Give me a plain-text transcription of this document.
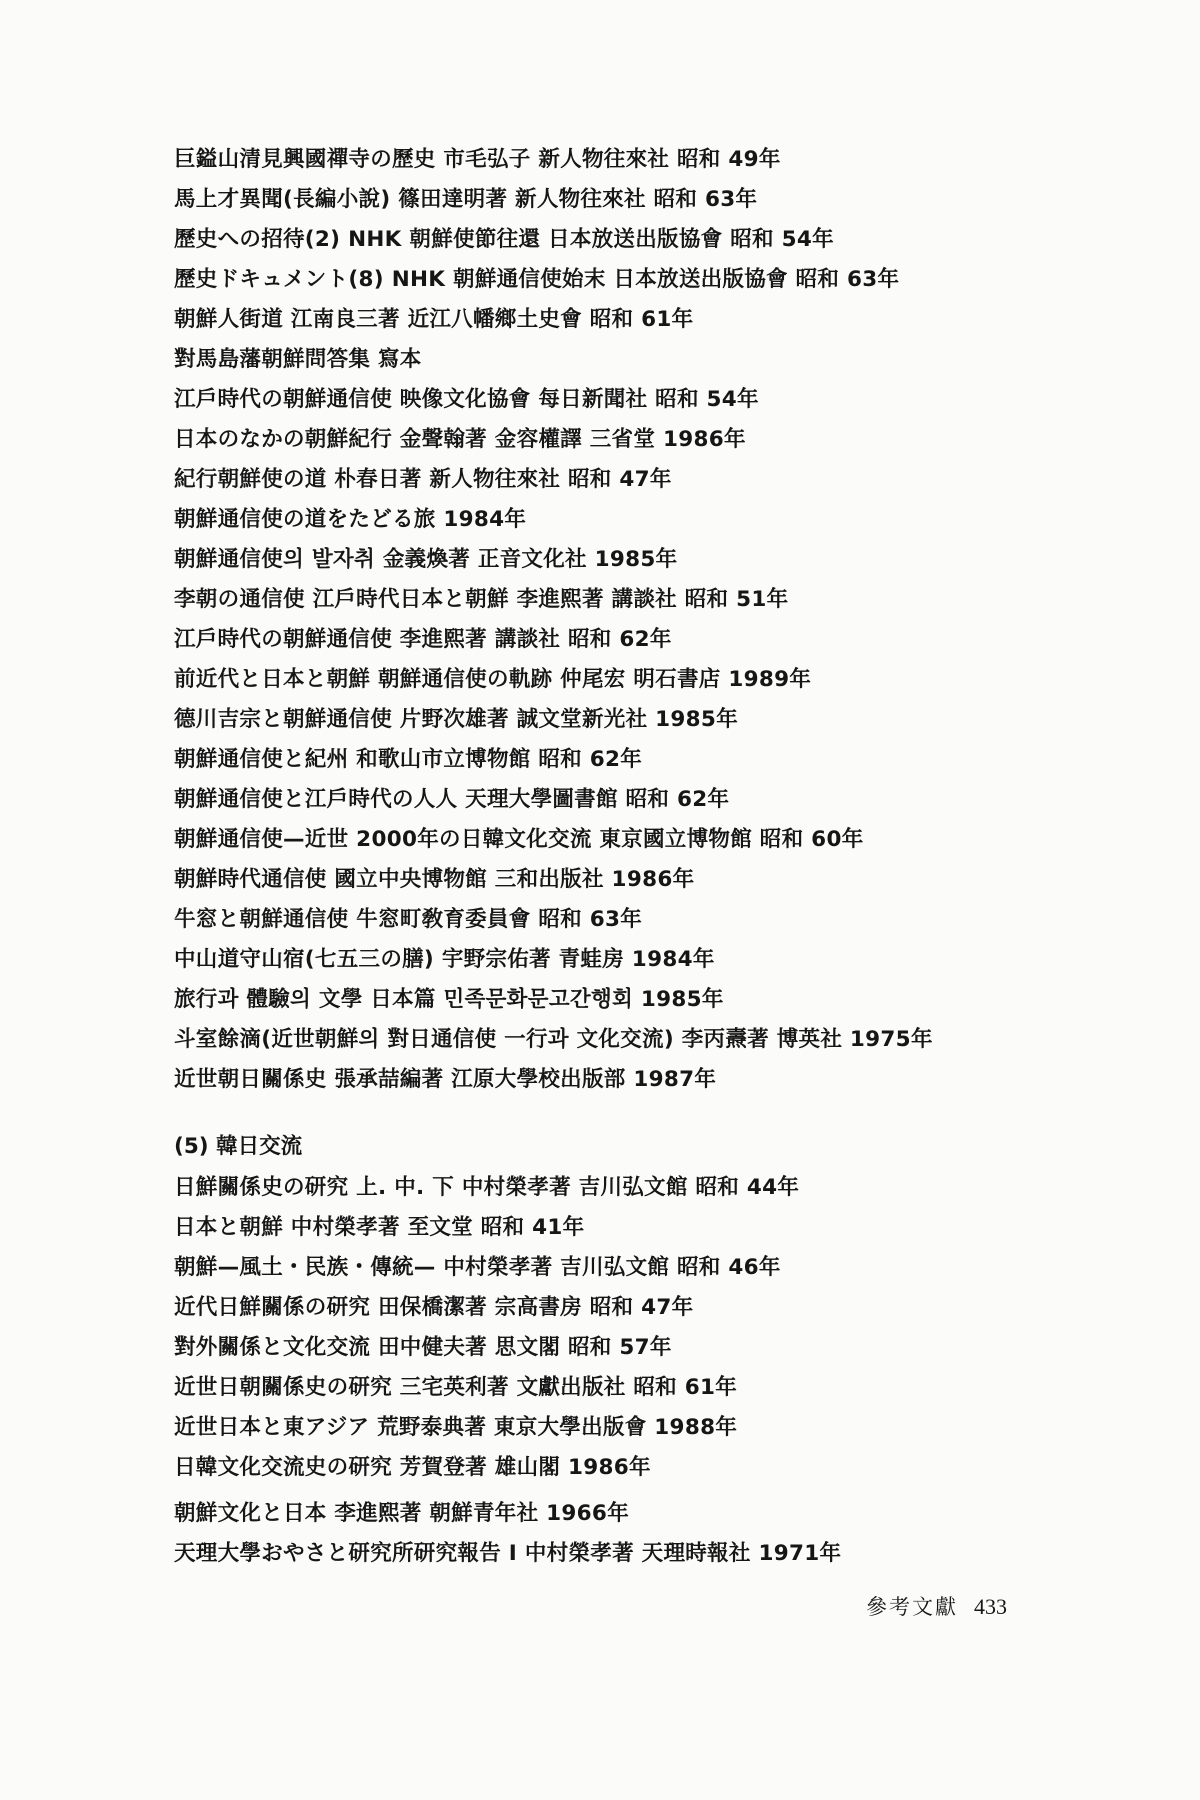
巨鎰山清見興國禪寺の歷史 市毛弘子 新人物往來社 昭和 49年

馬上才異聞(長編小說) 篠田達明著 新人物往來社 昭和 63年

歷史への招待(2) NHK 朝鮮使節往還 日本放送出版協會 昭和 54年

歷史ドキュメント(8) NHK 朝鮮通信使始末 日本放送出版協會 昭和 63年

朝鮮人街道 江南良三著 近江八幡鄉土史會 昭和 61年

對馬島藩朝鮮問答集 寫本

江戶時代の朝鮮通信使 映像文化協會 每日新聞社 昭和 54年

日本のなかの朝鮮紀行 金聲翰著 金容權譯 三省堂 1986年

紀行朝鮮使の道 朴春日著 新人物往來社 昭和 47年

朝鮮通信使の道をたどる旅 1984年

朝鮮通信使의 발자취 金義煥著 正音文化社 1985年

李朝の通信使 江戶時代日本と朝鮮 李進熙著 講談社 昭和 51年

江戶時代の朝鮮通信使 李進熙著 講談社 昭和 62年

前近代と日本と朝鮮 朝鮮通信使の軌跡 仲尾宏 明石書店 1989年

德川吉宗と朝鮮通信使 片野次雄著 誠文堂新光社 1985年

朝鮮通信使と紀州 和歌山市立博物館 昭和 62年

朝鮮通信使と江戶時代の人人 天理大學圖書館 昭和 62年

朝鮮通信使—近世 2000年の日韓文化交流 東京國立博物館 昭和 60年

朝鮮時代通信使 國立中央博物館 三和出版社 1986年

牛窓と朝鮮通信使 牛窓町敎育委員會 昭和 63年

中山道守山宿(七五三の膳) 宇野宗佑著 青蛙房 1984年

旅行과 體驗의 文學 日本篇 민족문화문고간행회 1985年

斗室餘滴(近世朝鮮의 對日通信使 一行과 文化交流) 李丙燾著 博英社 1975年

近世朝日關係史 張承喆編著 江原大學校出版部 1987年

(5) 韓日交流

日鮮關係史の研究 上. 中. 下 中村榮孝著 吉川弘文館 昭和 44年

日本と朝鮮 中村榮孝著 至文堂 昭和 41年

朝鮮—風土・民族・傳統— 中村榮孝著 吉川弘文館 昭和 46年

近代日鮮關係の研究 田保橋潔著 宗高書房 昭和 47年

對外關係と文化交流 田中健夫著 思文閣 昭和 57年

近世日朝關係史の研究 三宅英利著 文獻出版社 昭和 61年

近世日本と東アジア 荒野泰典著 東京大學出版會 1988年

日韓文化交流史の研究 芳賀登著 雄山閣 1986年

朝鮮文化と日本 李進熙著 朝鮮青年社 1966年

天理大學おやさと研究所研究報告 I 中村榮孝著 天理時報社 1971年

參考文獻 433
